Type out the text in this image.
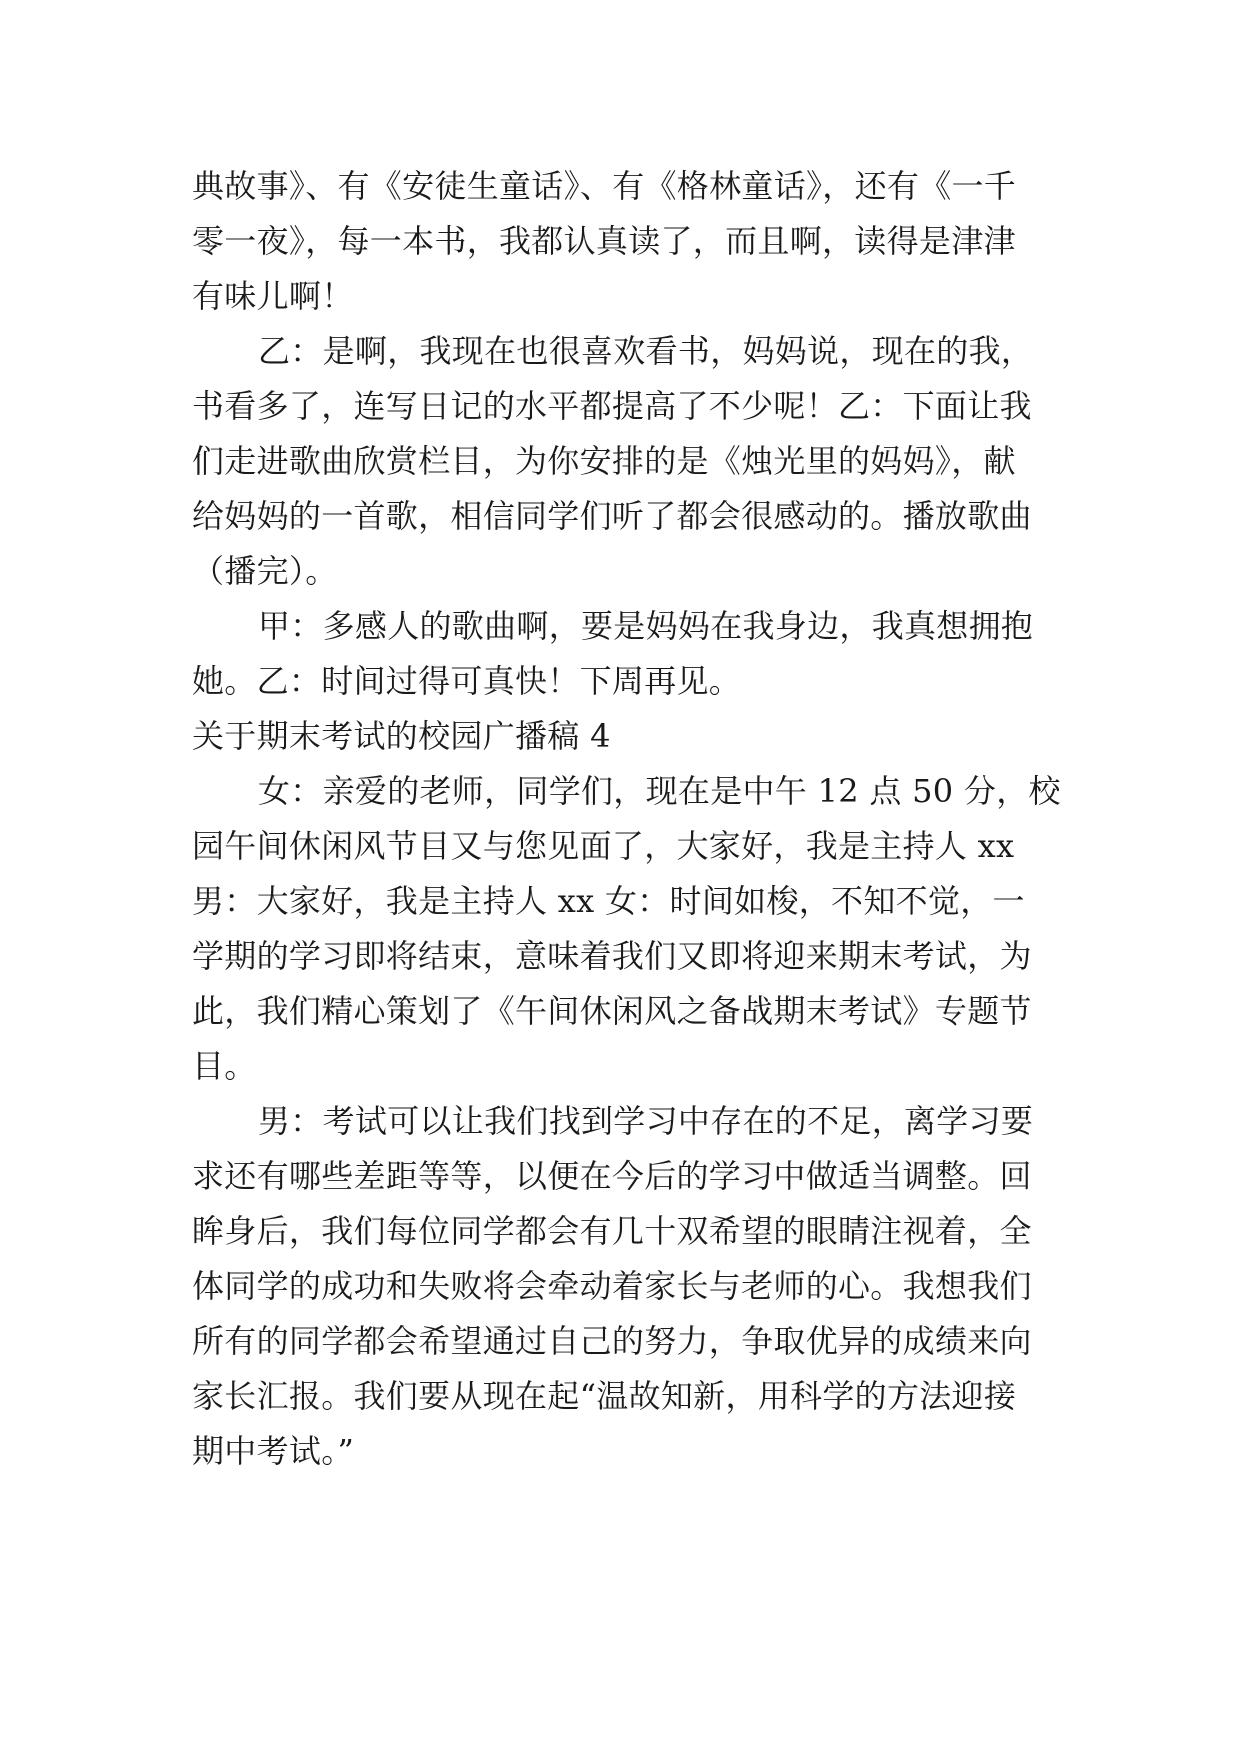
典故事》、有《安徒生童话》、有《格林童话》，还有《一千
零一夜》，每一本书，我都认真读了，而且啊，读得是津津
有味儿啊！
乙：是啊，我现在也很喜欢看书，妈妈说，现在的我，
书看多了，连写日记的水平都提高了不少呢！乙：下面让我
们走进歌曲欣赏栏目，为你安排的是《烛光里的妈妈》，献
给妈妈的一首歌，相信同学们听了都会很感动的。播放歌曲
（播完）。
甲：多感人的歌曲啊，要是妈妈在我身边，我真想拥抱
她。乙：时间过得可真快！下周再见。
关于期末考试的校园广播稿 4
女：亲爱的老师，同学们，现在是中午 12 点 50 分，校
园午间休闲风节目又与您见面了，大家好，我是主持人 xx
男：大家好，我是主持人 xx 女：时间如梭，不知不觉，一
学期的学习即将结束，意味着我们又即将迎来期末考试，为
此，我们精心策划了《午间休闲风之备战期末考试》专题节
目。
男：考试可以让我们找到学习中存在的不足，离学习要
求还有哪些差距等等，以便在今后的学习中做适当调整。回
眸身后，我们每位同学都会有几十双希望的眼睛注视着，全
体同学的成功和失败将会牵动着家长与老师的心。我想我们
所有的同学都会希望通过自己的努力，争取优异的成绩来向
家长汇报。我们要从现在起“温故知新，用科学的方法迎接
期中考试。”
